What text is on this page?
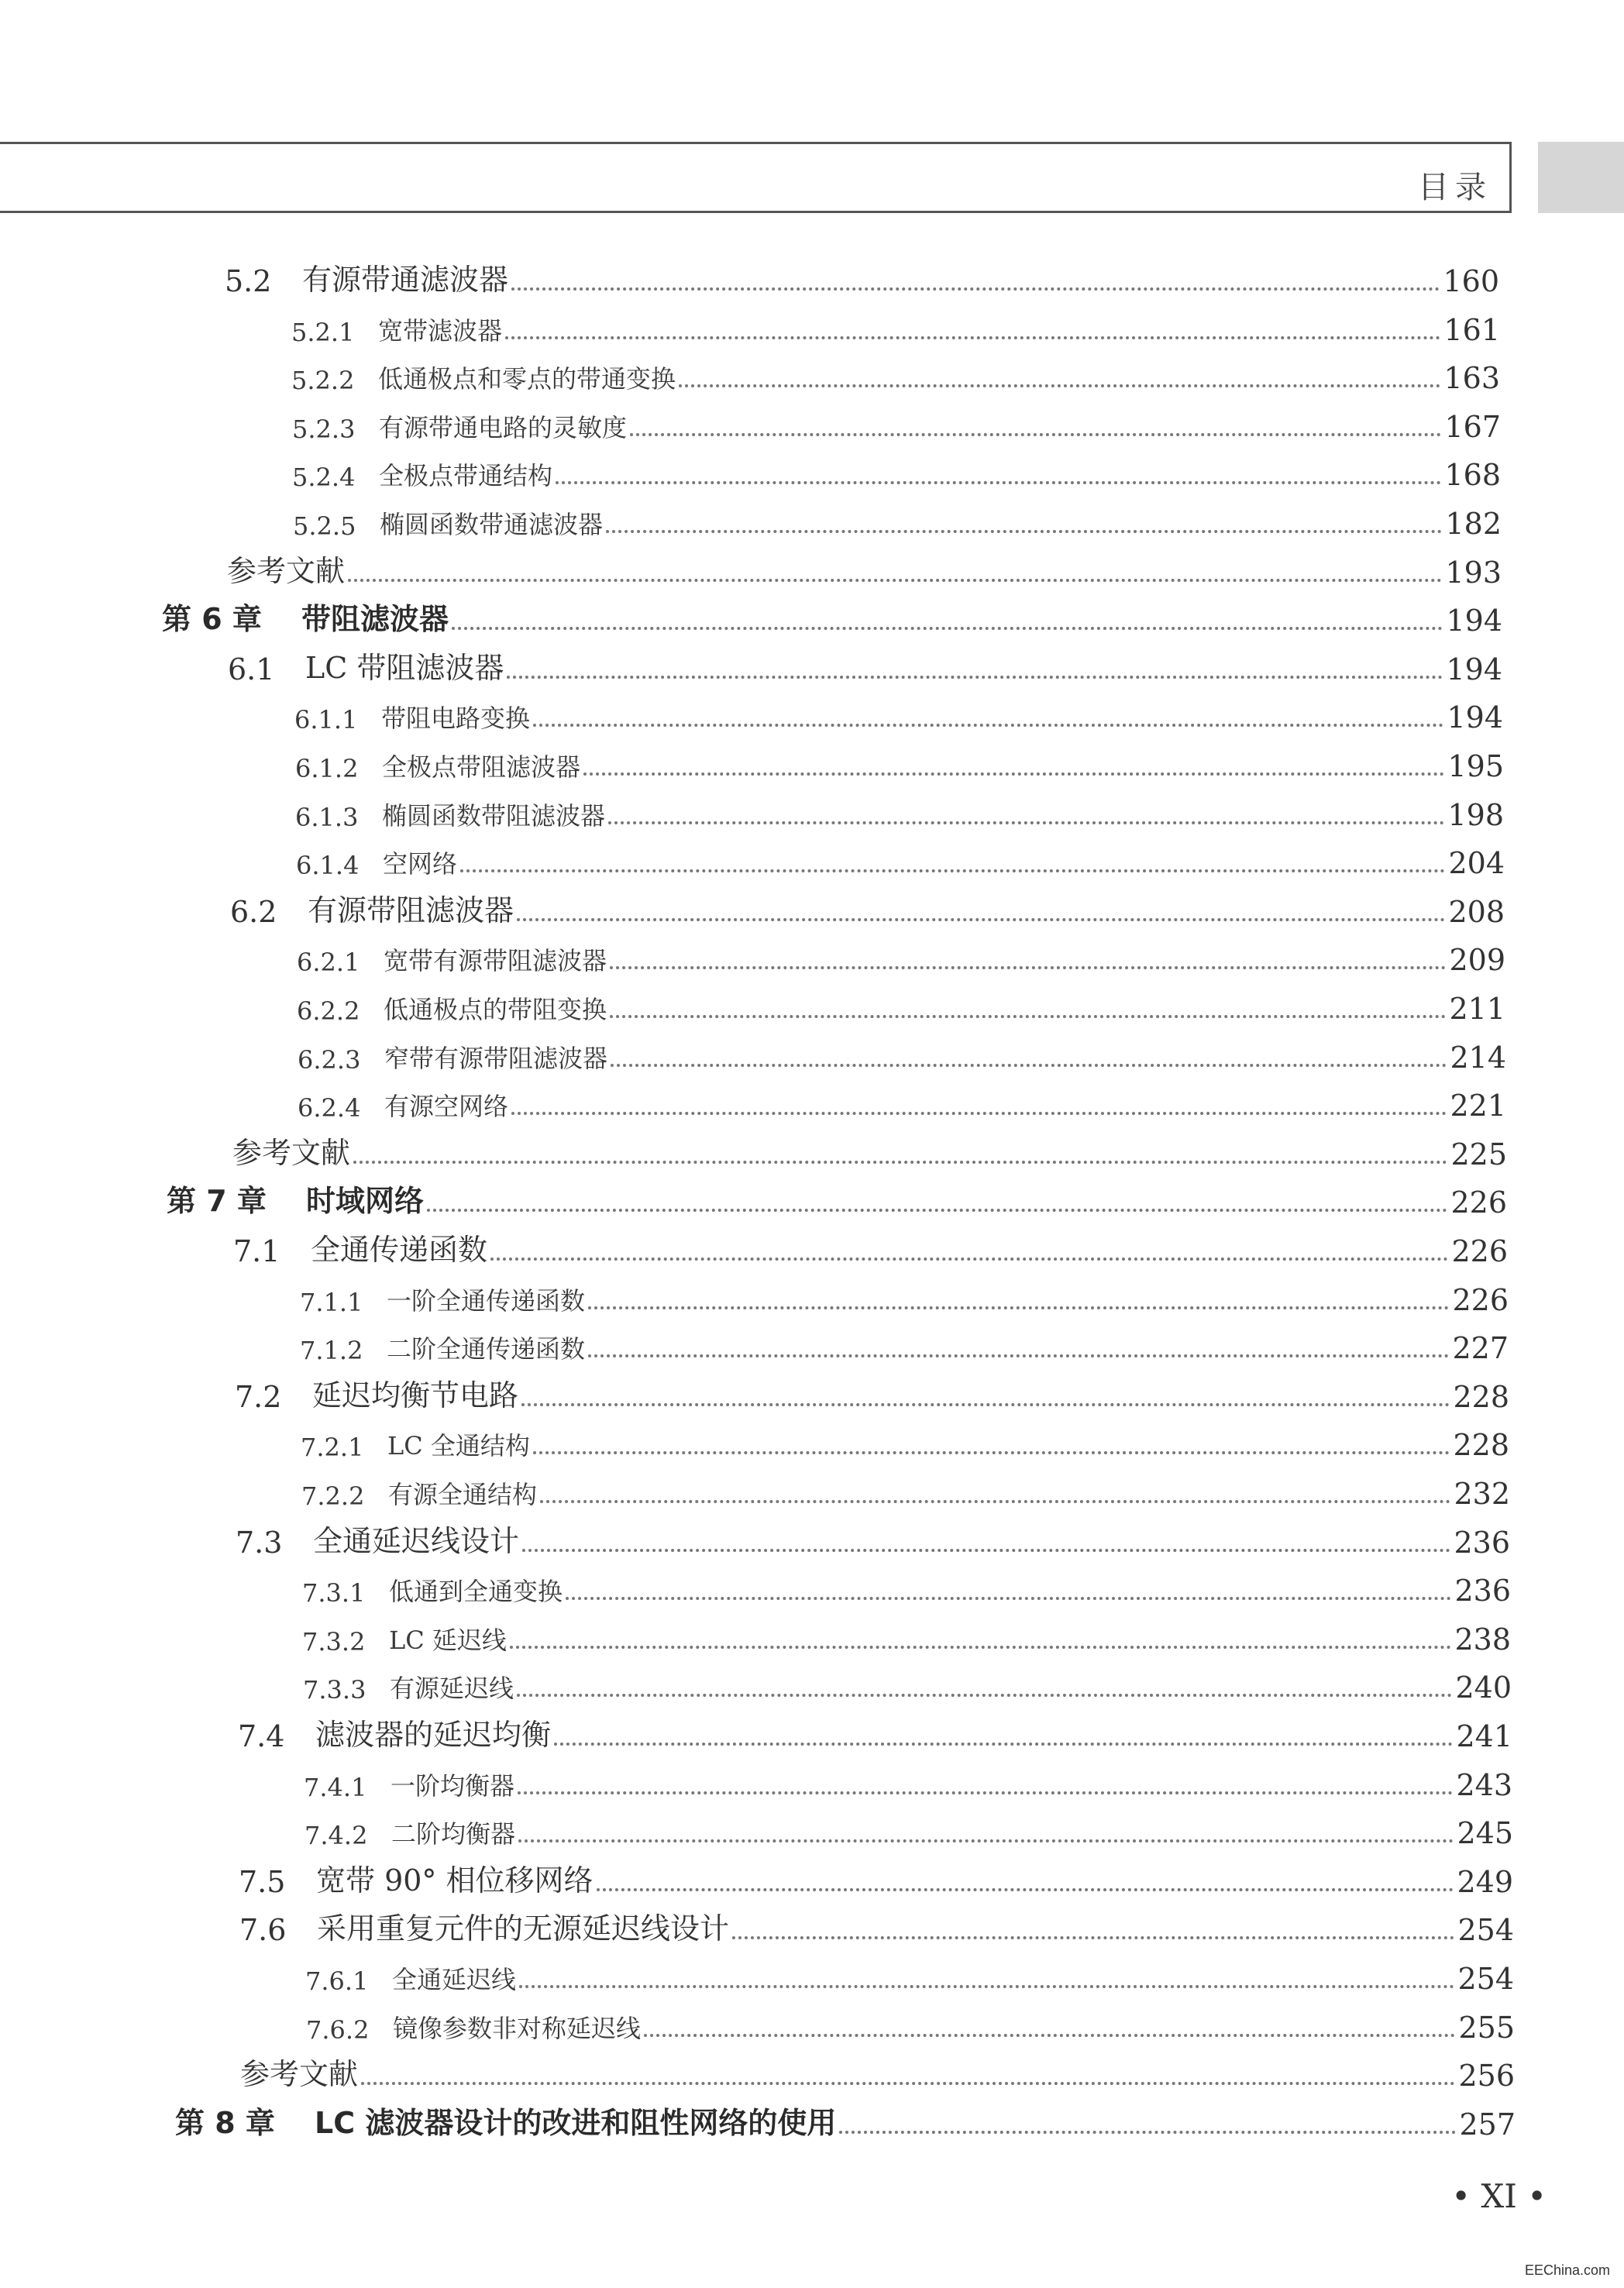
目录
5.2	有源带通滤波器	160
5.2.1 宽带滤波器	161
5.2.2 低通极点和零点的带通变换	163
5.2.3 有源带通电路的灵敏度	167
5.2.4 全极点带通结构	168
5.2.5 椭圆函数带通滤波器	182
参考文献	193
第 6 章	带阻滤波器	194
6.1	LC 带阻滤波器	194
6.1.1 带阻电路变换	194
6.1.2 全极点带阻滤波器	195
6.1.3 椭圆函数带阻滤波器	198
6.1.4 空网络	204
6.2	有源带阻滤波器	208
6.2.1 宽带有源带阻滤波器	209
6.2.2 低通极点的带阻变换	211
6.2.3 窄带有源带阻滤波器	214
6.2.4 有源空网络	221
参考文献	225
第 7 章	时域网络	226
7.1	全通传递函数	226
7.1.1 一阶全通传递函数	226
7.1.2 二阶全通传递函数	227
7.2	延迟均衡节电路	228
7.2.1 LC 全通结构	228
7.2.2 有源全通结构	232
7.3	全通延迟线设计	236
7.3.1 低通到全通变换	236
7.3.2 LC 延迟线	238
7.3.3 有源延迟线	240
7.4	滤波器的延迟均衡	241
7.4.1 一阶均衡器	243
7.4.2 二阶均衡器	245
7.5	宽带 90° 相位移网络	249
7.6	采用重复元件的无源延迟线设计	254
7.6.1 全通延迟线	254
7.6.2 镜像参数非对称延迟线	255
参考文献	256
第 8 章	LC 滤波器设计的改进和阻性网络的使用	257
• XI •
EEChina.com
